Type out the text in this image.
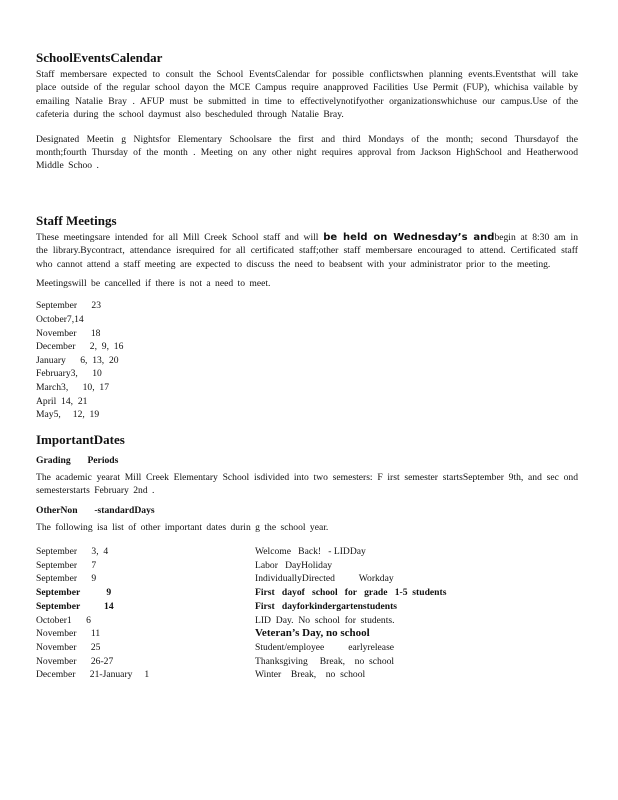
SchoolEventsCalendar

Staff membersare expected to consult the School EventsCalendar for possible conflictswhen planning events.Eventsthat will take place outside of the regular school dayon the MCE Campus require anapproved Facilities Use Permit (FUP), whichisa vailable by emailing Natalie Bray . AFUP must be submitted in time to effectivelynotifyother organizationswhichuse our campus.Use of the cafeteria during the school daymust also bescheduled through Natalie Bray.

Designated Meetin g Nightsfor Elementary Schoolsare the first and third Mondays of the month; second Thursdayof the month;fourth Thursday of the month . Meeting on any other night requires approval from Jackson HighSchool and Heatherwood Middle Schoo .

Staff Meetings

These meetingsare intended for all Mill Creek School staff and will be held on Wednesday’s andbegin at 8:30 am in the library.Bycontract, attendance isrequired for all certificated staff;other staff membersare encouraged to attend. Certificated staff who cannot attend a staff meeting are expected to discuss the need to beabsent with your administrator prior to the meeting.

Meetingswill be cancelled if there is not a need to meet.

September      23
October7,14
November      18
December      2,  9,  16
January      6,  13,  20
February3,      10
March3,      10,  17
April  14,  21
May5,     12,  19
ImportantDates
Grading       Periods

The academic yearat Mill Creek Elementary School isdivided into two semesters: F irst semester startsSeptember 9th, and sec ond semesterstarts February 2nd .

OtherNon       -standardDays

The following isa list of other important dates durin g the school year.

September      3,  4	Welcome   Back!   - LIDDay
September      7	Labor   DayHoliday
September      9	IndividuallyDirected          Workday
September           9	First   dayof   school   for   grade   1-5  students
September          14	First   dayforkindergartenstudents
October1      6	LID  Day.  No  school  for  students.
November      11	Veteran’s Day, no school
November      25	Student/employee          earlyrelease
November      26-27	Thanksgiving     Break,    no  school
December      21-January     1	Winter    Break,    no  school
